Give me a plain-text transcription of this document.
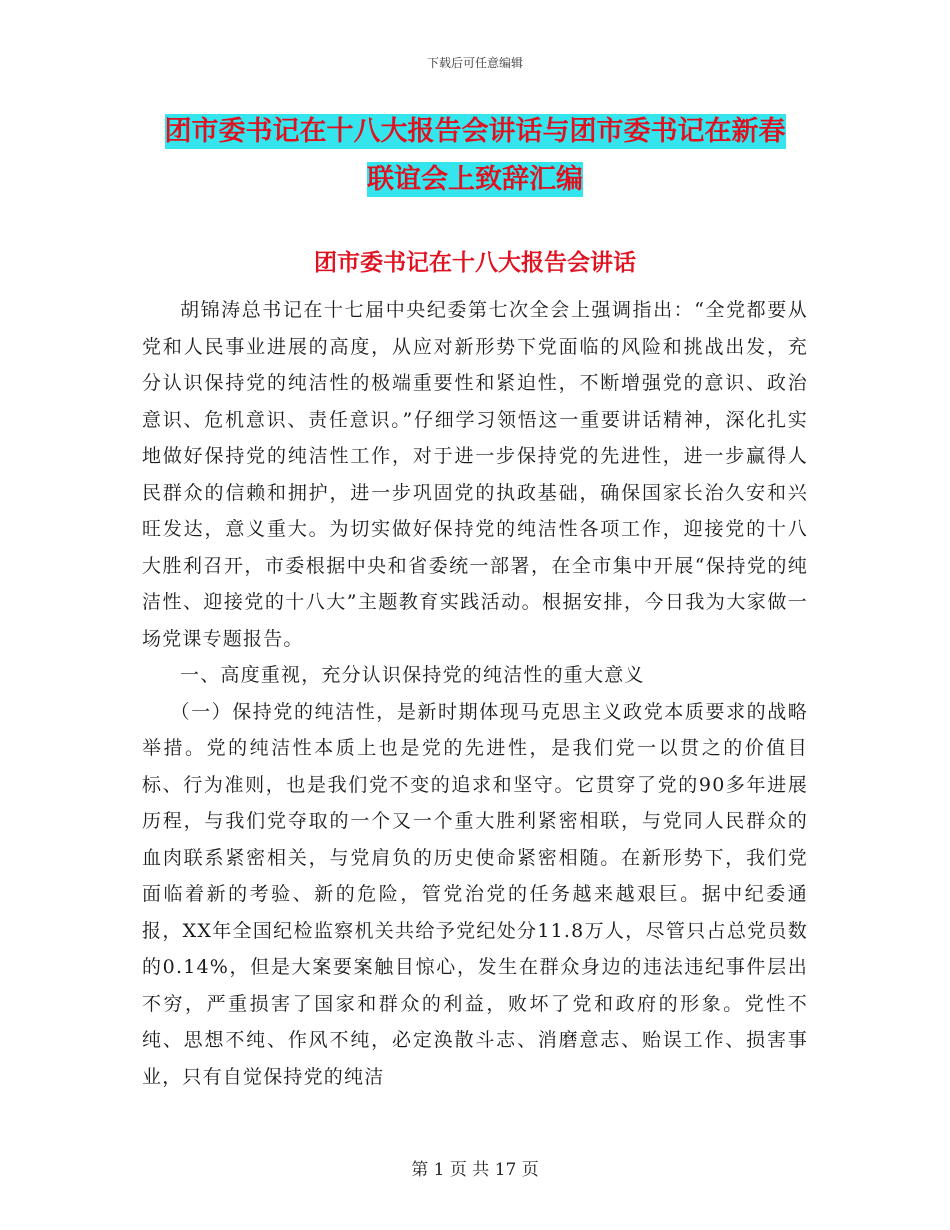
下载后可任意编辑
团市委书记在十八大报告会讲话与团市委书记在新春
联谊会上致辞汇编
团市委书记在十八大报告会讲话

胡锦涛总书记在十七届中央纪委第七次全会上强调指出：“全党都要从党和人民事业进展的高度，从应对新形势下党面临的风险和挑战出发，充分认识保持党的纯洁性的极端重要性和紧迫性，不断增强党的意识、政治意识、危机意识、责任意识。”仔细学习领悟这一重要讲话精神，深化扎实地做好保持党的纯洁性工作，对于进一步保持党的先进性，进一步赢得人民群众的信赖和拥护，进一步巩固党的执政基础，确保国家长治久安和兴旺发达，意义重大。为切实做好保持党的纯洁性各项工作，迎接党的十八大胜利召开，市委根据中央和省委统一部署，在全市集中开展“保持党的纯洁性、迎接党的十八大”主题教育实践活动。根据安排，今日我为大家做一场党课专题报告。

一、高度重视，充分认识保持党的纯洁性的重大意义

（一）保持党的纯洁性，是新时期体现马克思主义政党本质要求的战略举措。党的纯洁性本质上也是党的先进性，是我们党一以贯之的价值目标、行为准则，也是我们党不变的追求和坚守。它贯穿了党的90多年进展历程，与我们党夺取的一个又一个重大胜利紧密相联，与党同人民群众的血肉联系紧密相关，与党肩负的历史使命紧密相随。在新形势下，我们党面临着新的考验、新的危险，管党治党的任务越来越艰巨。据中纪委通报，XX年全国纪检监察机关共给予党纪处分11.8万人，尽管只占总党员数的0.14%，但是大案要案触目惊心，发生在群众身边的违法违纪事件层出不穷，严重损害了国家和群众的利益，败坏了党和政府的形象。党性不纯、思想不纯、作风不纯，必定涣散斗志、消磨意志、贻误工作、损害事业，只有自觉保持党的纯洁

第 1 页 共 17 页
